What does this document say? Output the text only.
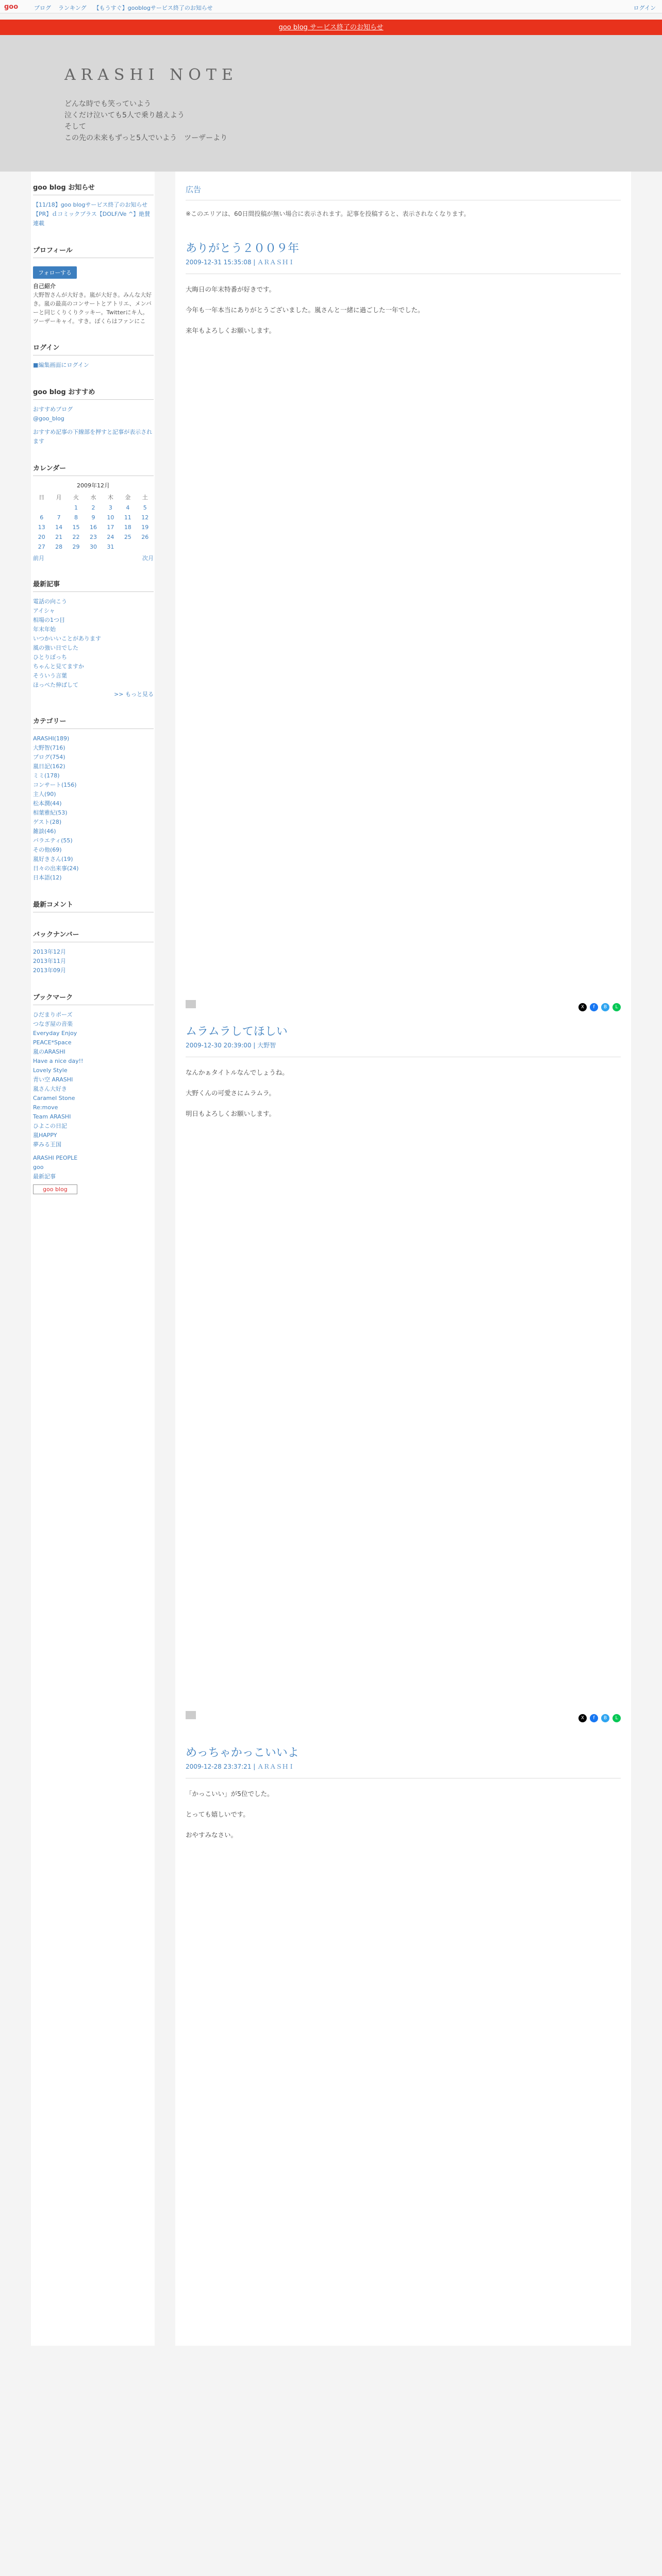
goo	ブログ ランキング 【もうすぐ】gooblogサービス終了のお知らせ	ログイン
goo blog サービス終了のお知らせ
ARASHI NOTE
どんな時でも笑っていよう
泣くだけ泣いても5人で乗り越えよう
そして
この先の未来もずっと5人でいよう　ツーザーより
goo blog お知らせ
【11/18】goo blogサービス終了のお知らせ
【PR】ｄコミックプラス【DOLF/Ve ^】絶賛連載
プロフィール
フォローする
自己紹介
大野智さんが大好き。嵐が大好き。みんな大好き。嵐の最高のコンサートとアトリエ、メンバーと同じくりくりクッキー。Twitterにキ人。ツーザーキャイ。すき。ぼくらはファンにこ
ログイン
■編集画面にログイン
goo blog おすすめ
おすすめブログ
@goo_blog
おすすめ記事の下線部を押すと記事が表示されます
カレンダー
2009年12月
日	月	火	水	木	金	土
		1	2	3	4	5
6	7	8	9	10	11	12
13	14	15	16	17	18	19
20	21	22	23	24	25	26
27	28	29	30	31		
前月	次月
最新記事
電話の向こう
アイシャ
相場の1つ目
年末年始
いつかいいことがあります
風の強い日でした
ひとりぼっち
ちゃんと見てますか
そういう言葉
ほっぺた伸ばして
>> もっと見る
カテゴリー
ARASHI(189)
大野智(716)
ブログ(754)
嵐日記(162)
ミミ(178)
コンサート(156)
主人(90)
松本潤(44)
相葉雅紀(53)
ゲスト(28)
雑談(46)
バラエティ(55)
その他(69)
嵐好きさん(19)
日々の出来事(24)
日本語(12)
最新コメント
バックナンバー
2013年12月
2013年11月
2013年09月
ブックマーク
ひだまりポーズ
つなぎ屋の音楽
Everyday Enjoy
PEACE*Space
嵐のARASHI
Have a nice day!!
Lovely Style
青い空 ARASHI
嵐さん大好き
Caramel Stone
Re:move
Team ARASHI
ひよこの日記
嵐HAPPY
夢みる王国
ARASHI PEOPLE
goo
最新記事
goo blog
広告
※このエリアは、60日間投稿が無い場合に表示されます。記事を投稿すると、表示されなくなります。
ありがとう２００９年
2009-12-31 15:35:08 | ＡＲＡＳＨＩ

大晦日の年末特番が好きです。

今年も一年本当にありがとうございました。嵐さんと一緒に過ごした一年でした。

来年もよろしくお願いします。

X	f	B	L
ムラムラしてほしい
2009-12-30 20:39:00 | 大野智

なんかぁタイトルなんでしょうね。

大野くんの可愛さにムラムラ。

明日もよろしくお願いします。

X	f	B	L
めっちゃかっこいいよ
2009-12-28 23:37:21 | ＡＲＡＳＨＩ

「かっこいい」が5位でした。

とっても嬉しいです。

おやすみなさい。
